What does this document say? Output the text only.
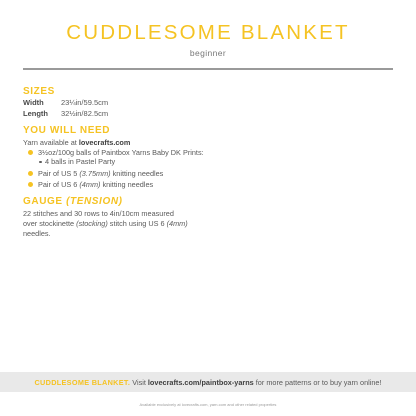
CUDDLESOME BLANKET
beginner
SIZES
Width 23¼in/59.5cm
Length 32½in/82.5cm
YOU WILL NEED
Yarn available at lovecrafts.com
3½oz/100g balls of Paintbox Yarns Baby DK Prints:
4 balls in Pastel Party
Pair of US 5 (3.75mm) knitting needles
Pair of US 6 (4mm) knitting needles
GAUGE (TENSION)
22 stitches and 30 rows to 4in/10cm measured
over stockinette (stocking) stitch using US 6 (4mm)
needles.
CUDDLESOME BLANKET. Visit lovecrafts.com/paintbox-yarns for more patterns or to buy yarn online!
Available exclusively at lovecrafts.com, yarn.com and other related properties
